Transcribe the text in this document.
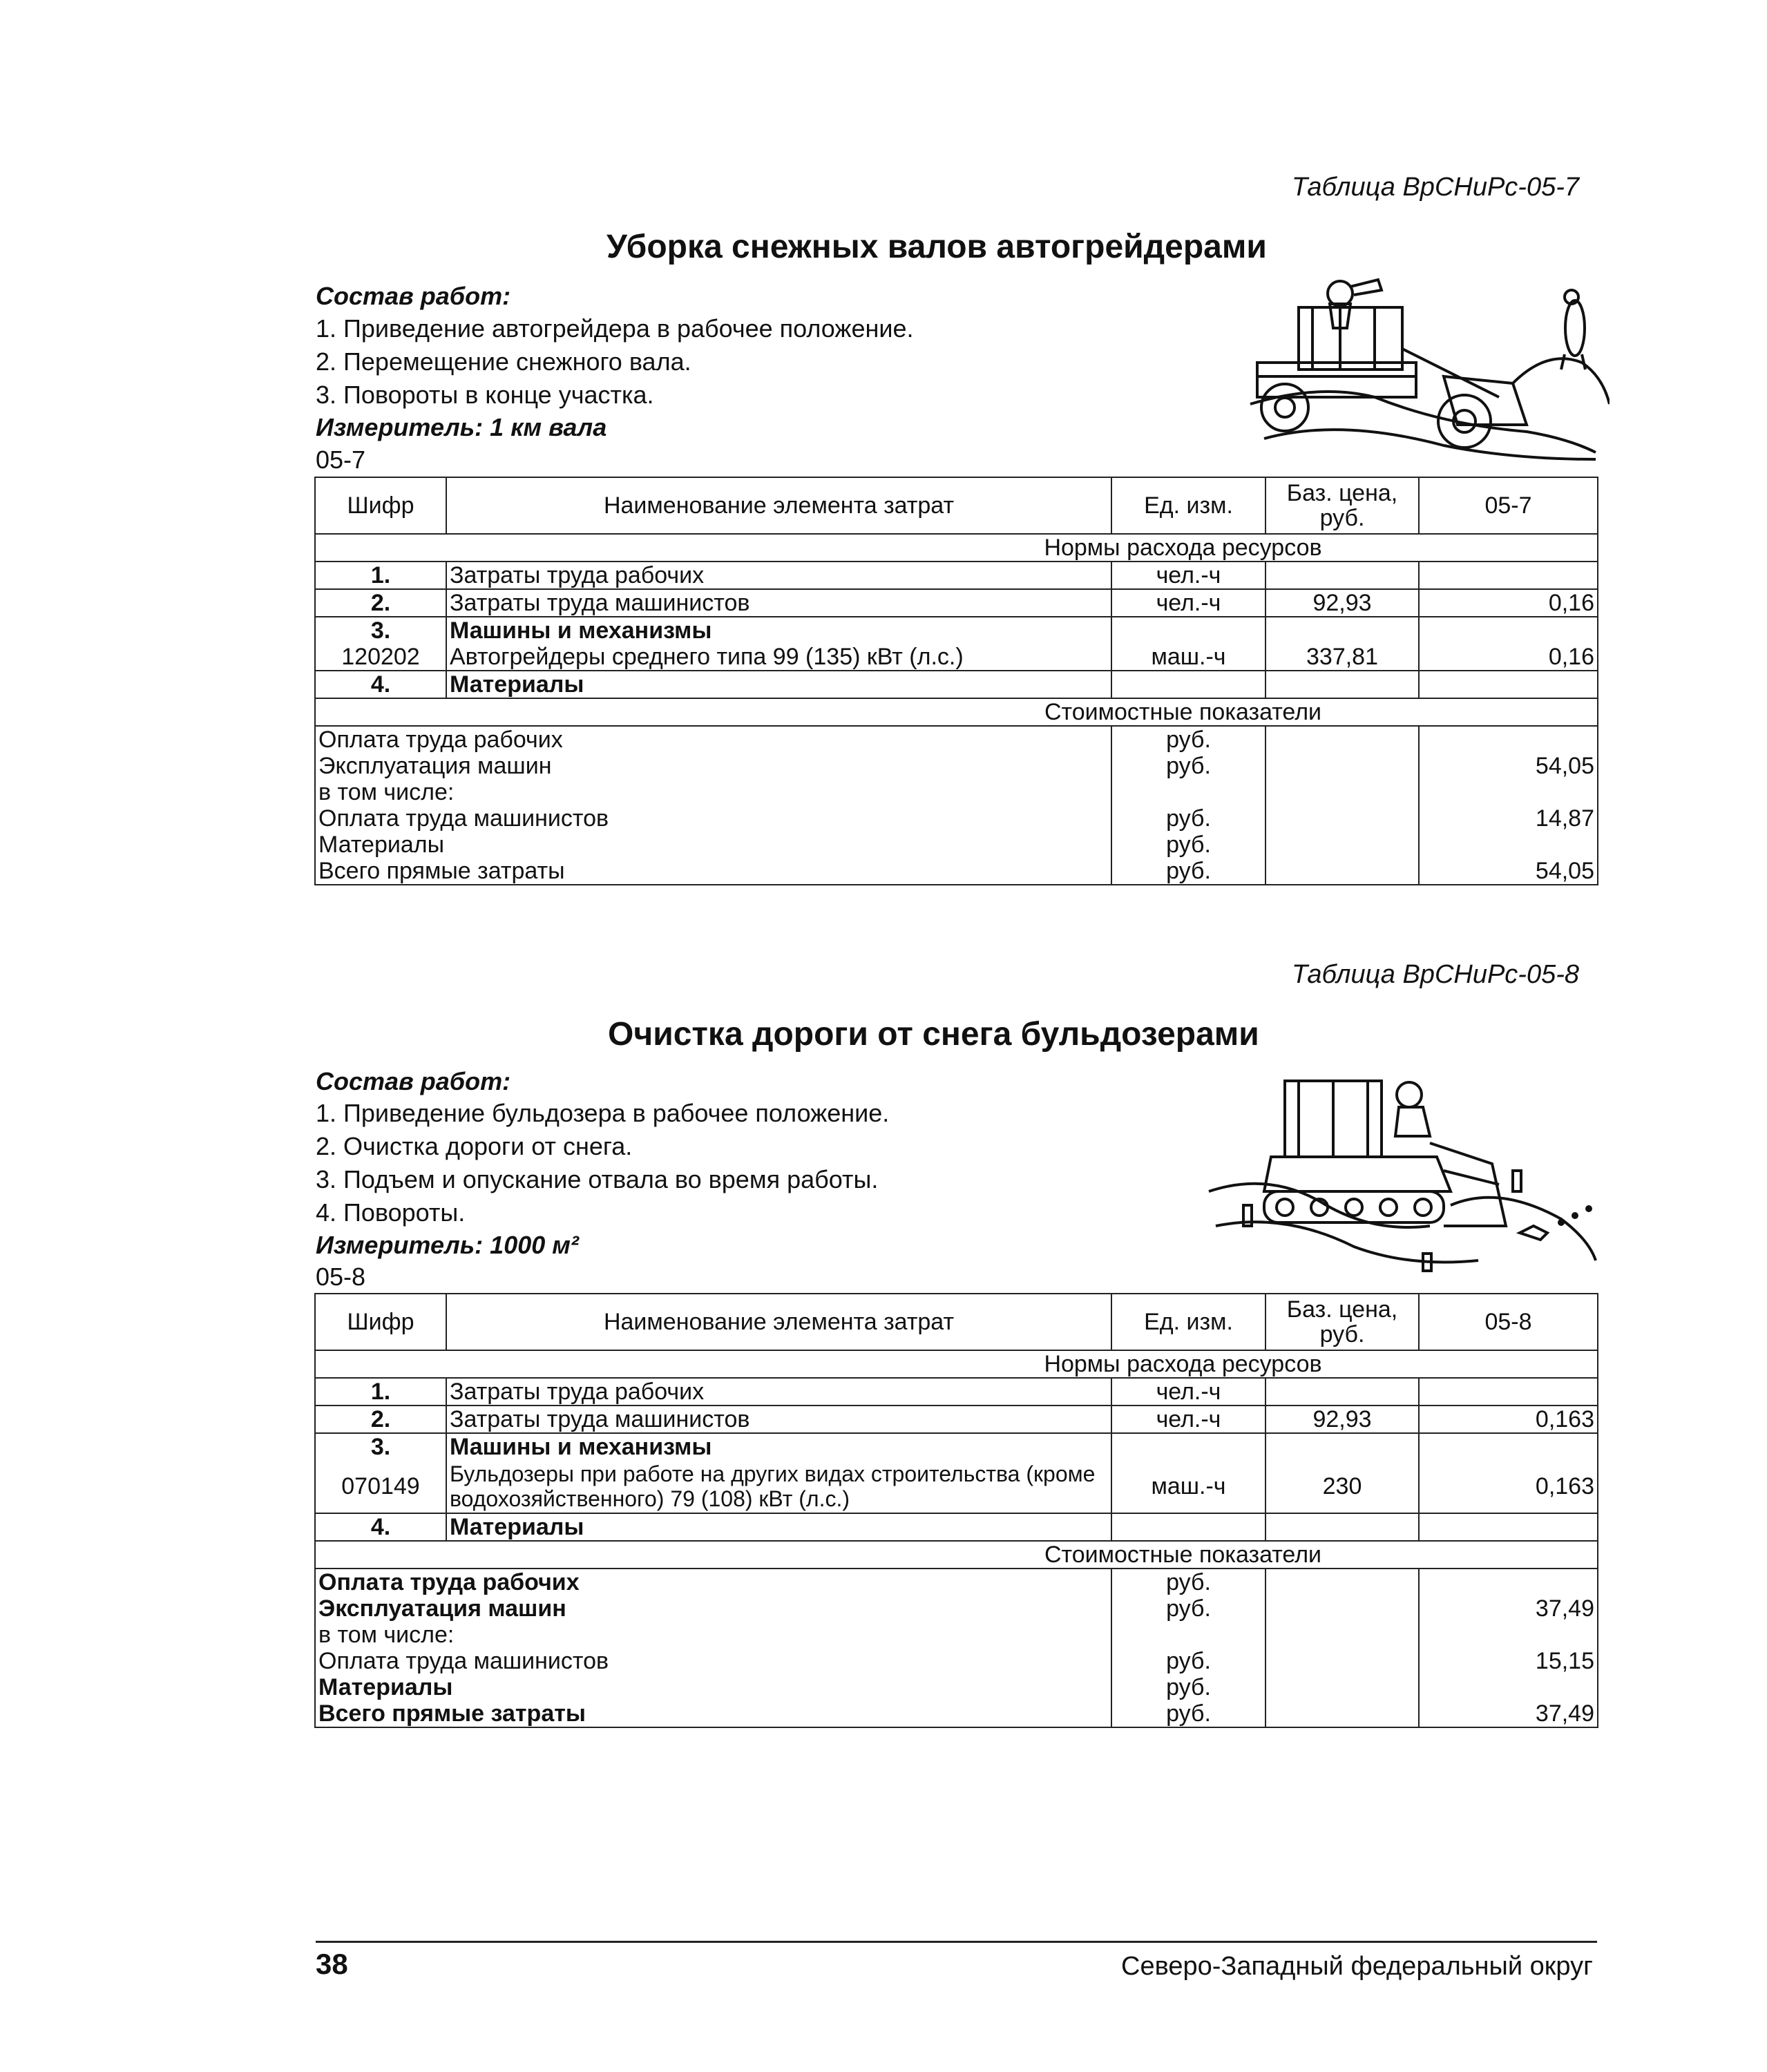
Таблица ВрСНиРс-05-7
Уборка снежных валов автогрейдерами
Состав работ:
1. Приведение автогрейдера в рабочее положение.
2. Перемещение снежного вала.
3. Повороты в конце участка.
Измеритель: 1 км вала
05-7
Шифр	Наименование элемента затрат	Ед. изм.	Баз. цена, руб.	05-7
Нормы расхода ресурсов				
1.	Затраты труда рабочих	чел.-ч		
2.	Затраты труда машинистов	чел.-ч	92,93	0,16
3.	Машины и механизмы			
120202	Автогрейдеры среднего типа 99 (135) кВт (л.с.)	маш.-ч	337,81	0,16
4.	Материалы			
Стоимостные показатели				
Оплата труда рабочих		руб.		
Эксплуатация машин		руб.		54,05
в том числе:				
Оплата труда машинистов		руб.		14,87
Материалы		руб.		
Всего прямые затраты		руб.		54,05
Таблица ВрСНиРс-05-8
Очистка дороги от снега бульдозерами
Состав работ:
1. Приведение бульдозера в рабочее положение.
2. Очистка дороги от снега.
3. Подъем и опускание отвала во время работы.
4. Повороты.
Измеритель: 1000 м²
05-8
Шифр	Наименование элемента затрат	Ед. изм.	Баз. цена, руб.	05-8
Нормы расхода ресурсов				
1.	Затраты труда рабочих	чел.-ч		
2.	Затраты труда машинистов	чел.-ч	92,93	0,163
3.	Машины и механизмы			
070149	Бульдозеры при работе на других видах строительства (кроме водохозяйственного) 79 (108) кВт (л.с.)	маш.-ч	230	0,163
4.	Материалы			
Стоимостные показатели				
Оплата труда рабочих		руб.		
Эксплуатация машин		руб.		37,49
в том числе:				
Оплата труда машинистов		руб.		15,15
Материалы		руб.		
Всего прямые затраты		руб.		37,49
38	Северо-Западный федеральный округ
